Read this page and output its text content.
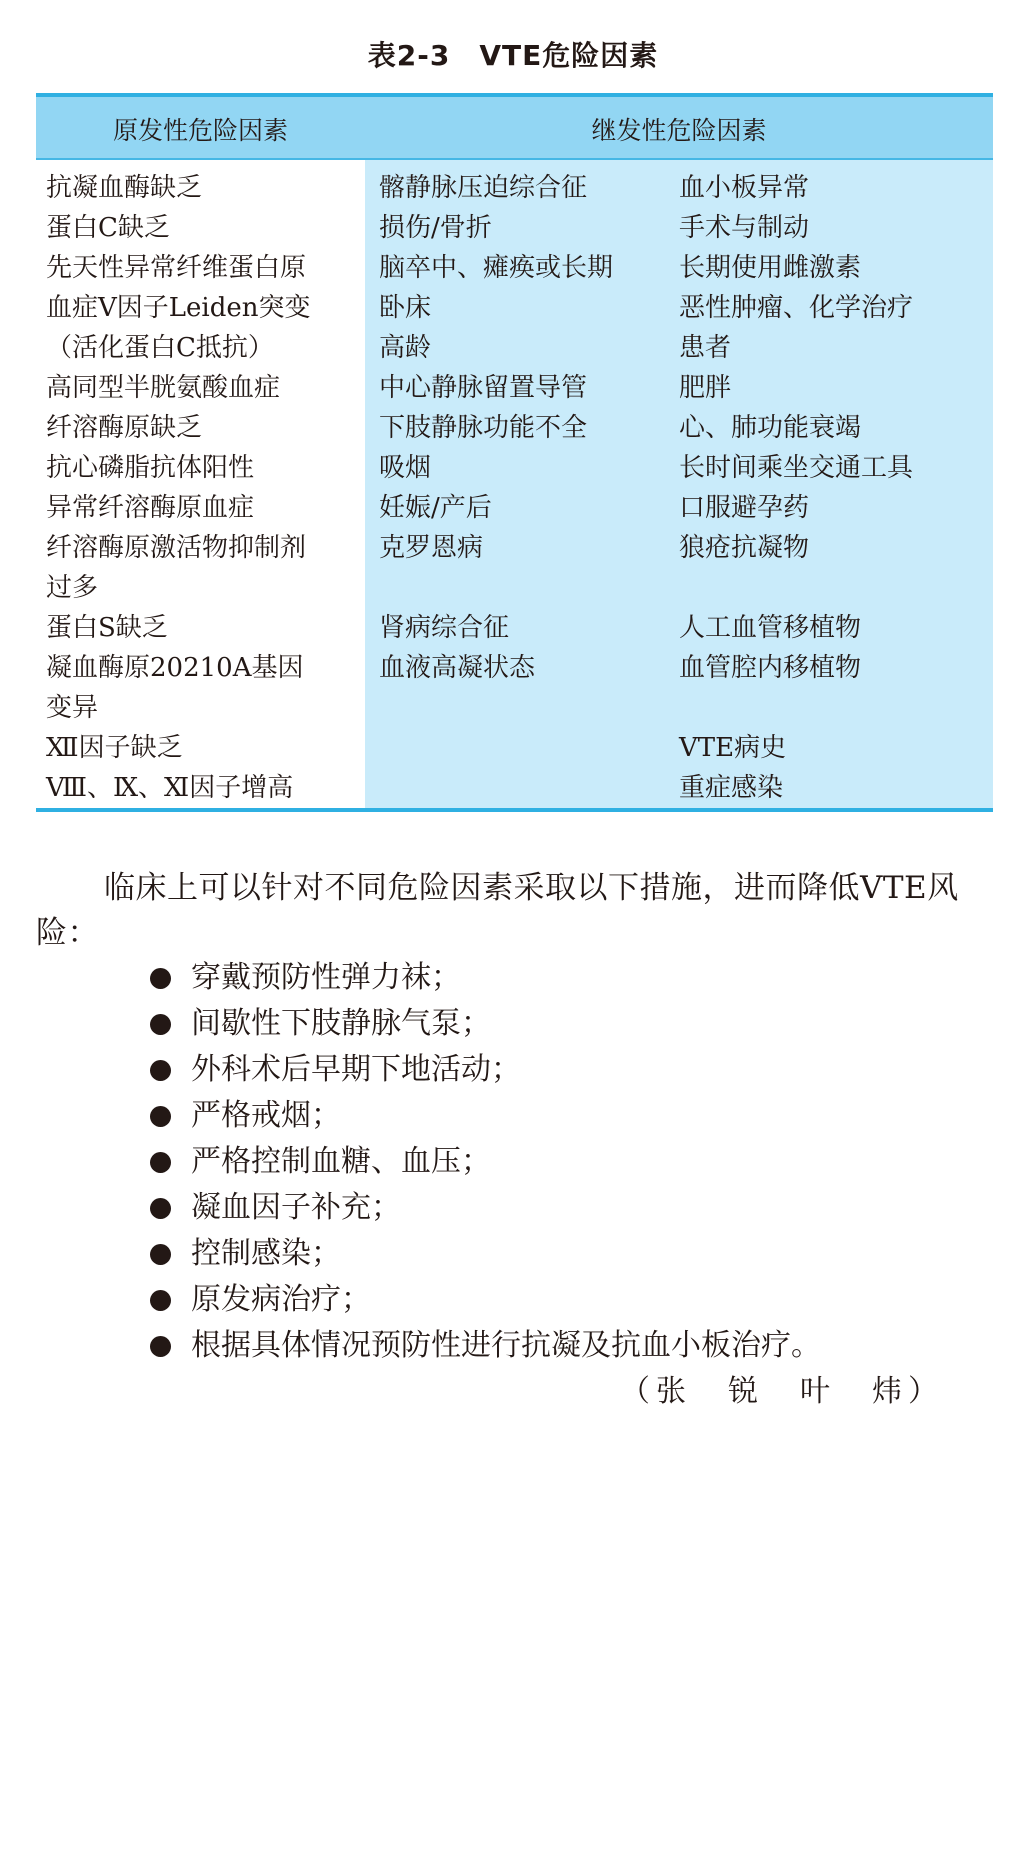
表2-3　VTE危险因素
原发性危险因素	继发性危险因素
抗凝血酶缺乏
蛋白C缺乏
先天性异常纤维蛋白原
血症Ⅴ因子Leiden突变
（活化蛋白C抵抗）
高同型半胱氨酸血症
纤溶酶原缺乏
抗心磷脂抗体阳性
异常纤溶酶原血症
纤溶酶原激活物抑制剂
过多
蛋白S缺乏
凝血酶原20210A基因
变异
Ⅻ因子缺乏
Ⅷ、Ⅸ、Ⅺ因子增高
髂静脉压迫综合征
损伤/骨折
脑卒中、瘫痪或长期
卧床
高龄
中心静脉留置导管
下肢静脉功能不全
吸烟
妊娠/产后
克罗恩病
肾病综合征
血液高凝状态
血小板异常
手术与制动
长期使用雌激素
恶性肿瘤、化学治疗
患者
肥胖
心、肺功能衰竭
长时间乘坐交通工具
口服避孕药
狼疮抗凝物
人工血管移植物
血管腔内移植物
VTE病史
重症感染

临床上可以针对不同危险因素采取以下措施，进而降低VTE风险：

穿戴预防性弹力袜；
间歇性下肢静脉气泵；
外科术后早期下地活动；
严格戒烟；
严格控制血糖、血压；
凝血因子补充；
控制感染；
原发病治疗；
根据具体情况预防性进行抗凝及抗血小板治疗。
（张　锐　叶　炜）
